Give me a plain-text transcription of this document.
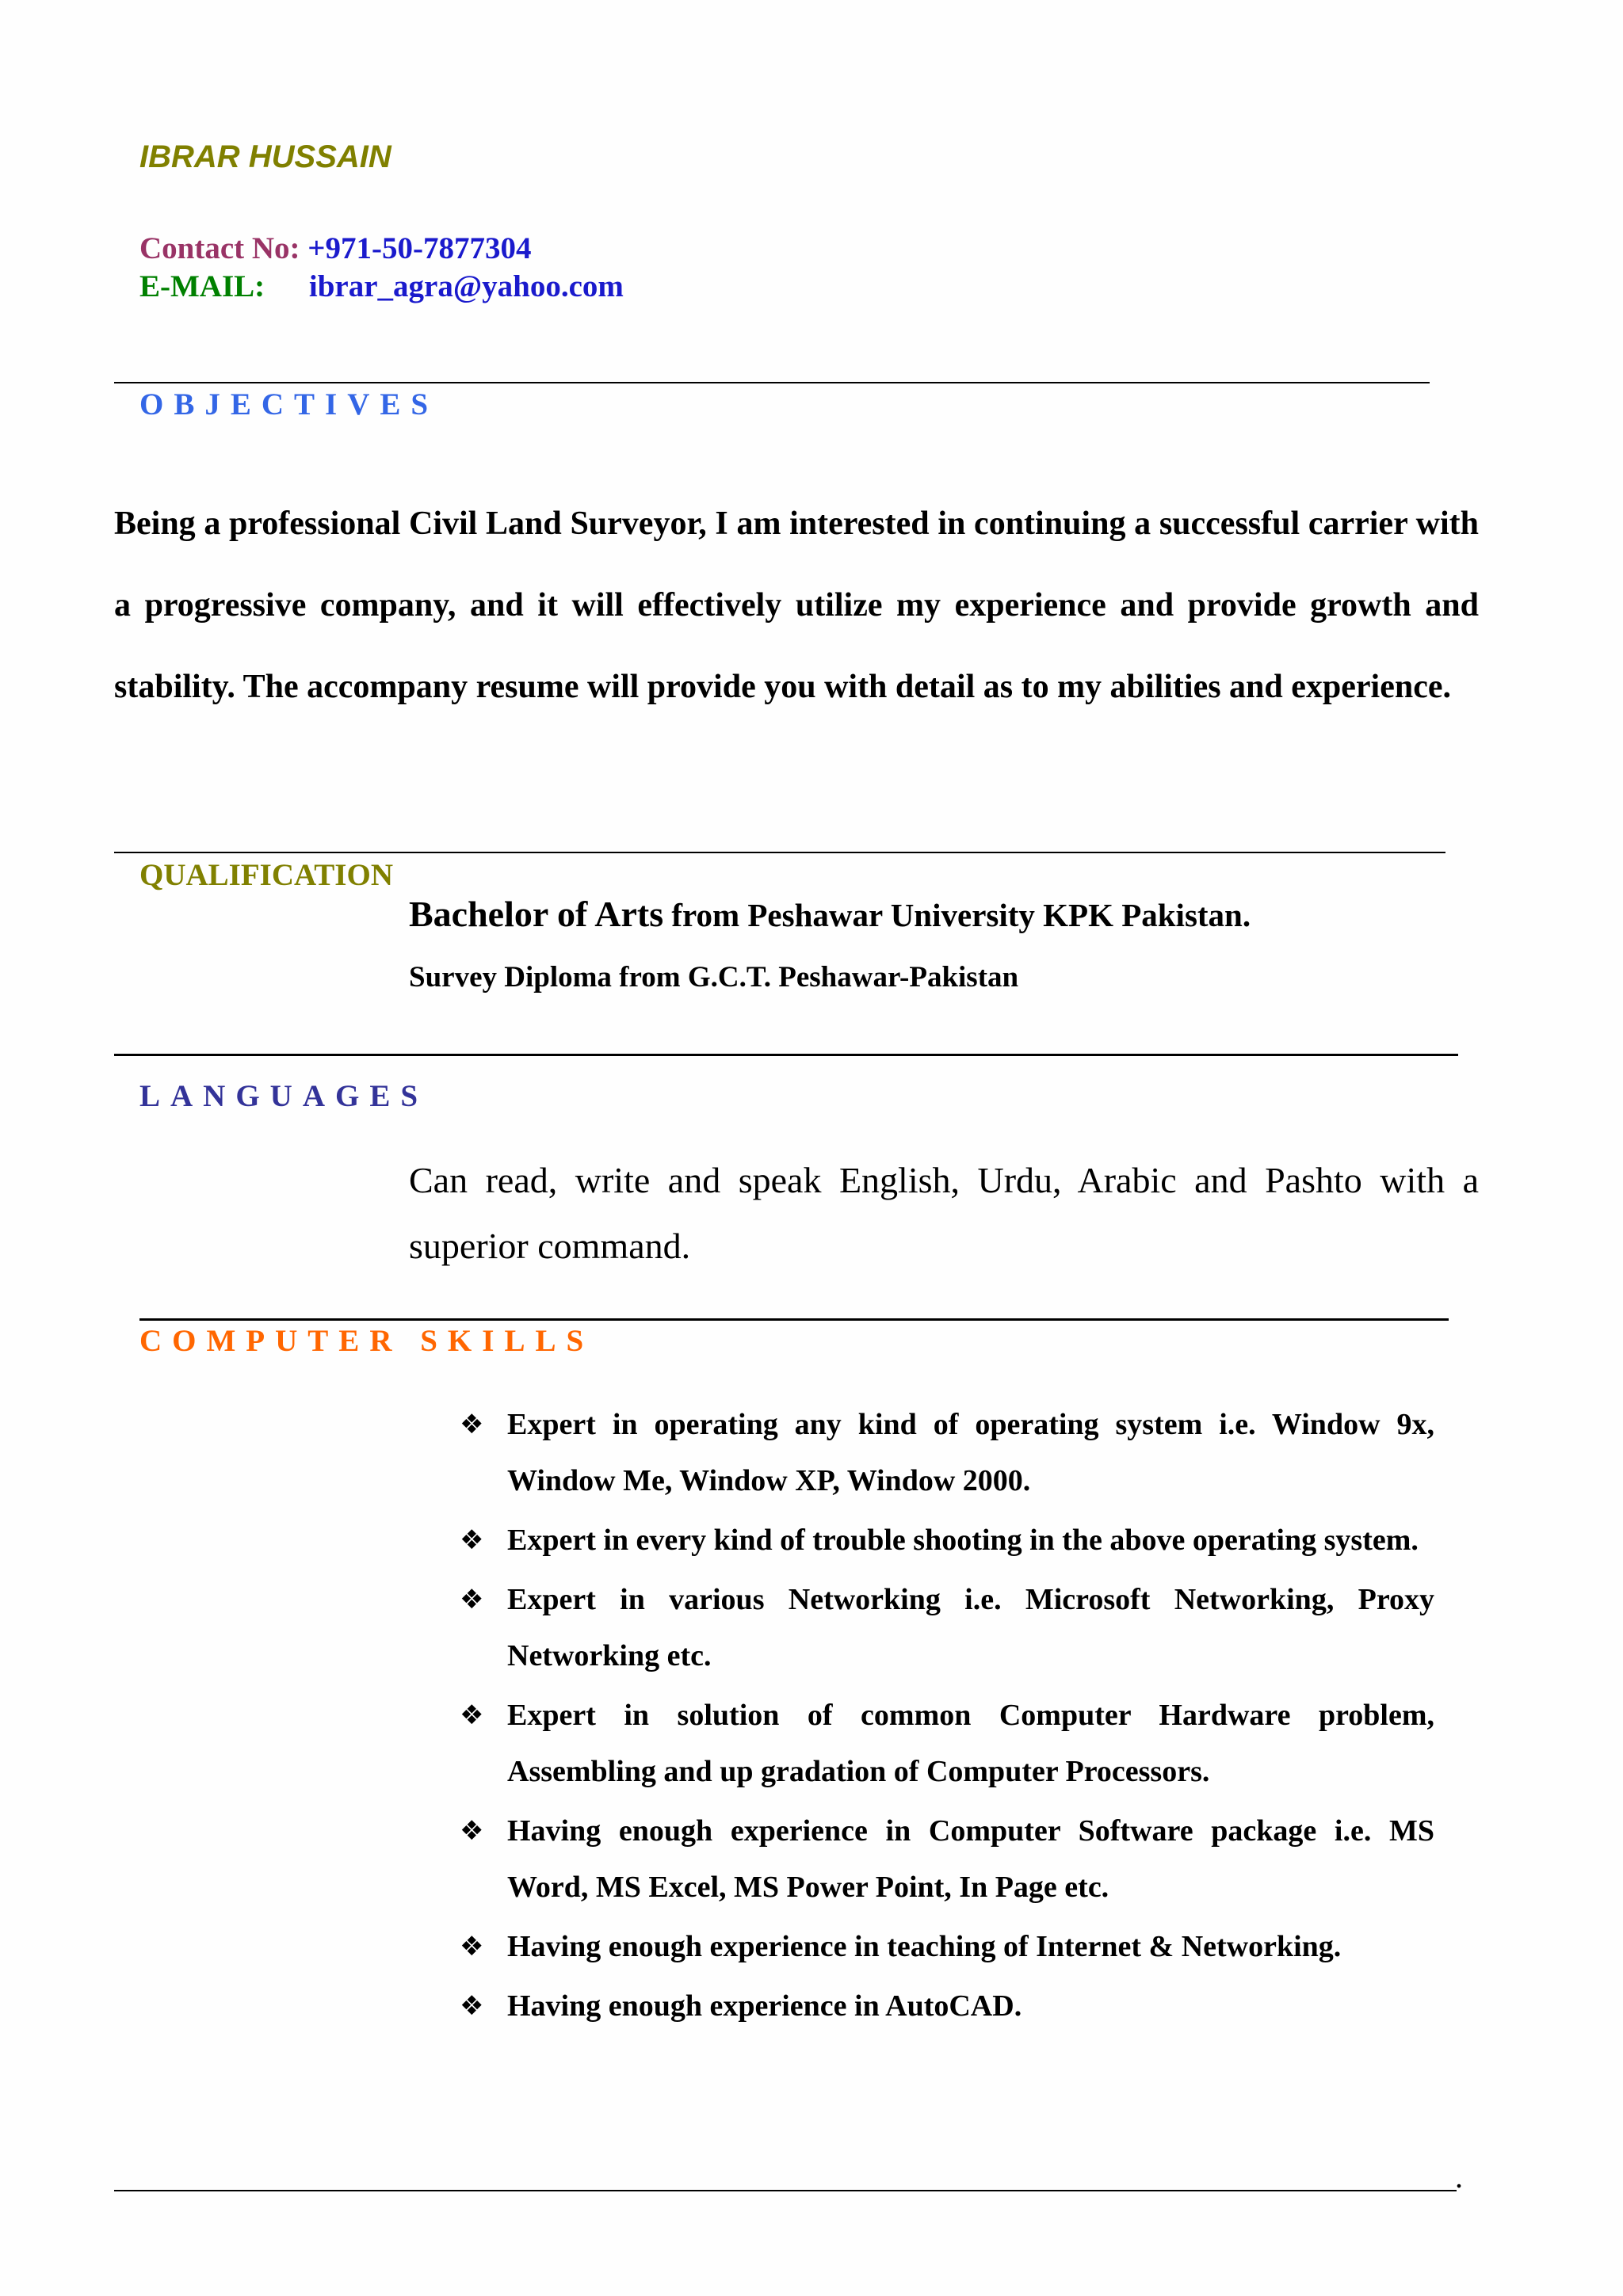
IBRAR HUSSAIN
Contact No: +971-50-7877304
E-MAIL: ibrar_agra@yahoo.com
OBJECTIVES
Being a professional Civil Land Surveyor, I am interested in continuing a successful carrier with a progressive company, and it will effectively utilize my experience and provide growth and stability. The accompany resume will provide you with detail as to my abilities and experience.
QUALIFICATION
Bachelor of Arts from Peshawar University KPK Pakistan.
Survey Diploma from G.C.T. Peshawar-Pakistan
LANGUAGES
Can read, write and speak English, Urdu, Arabic and Pashto with a superior command.
COMPUTER SKILLS
❖ Expert in operating any kind of operating system i.e. Window 9x, Window Me, Window XP, Window 2000.
❖ Expert in every kind of trouble shooting in the above operating system.
❖ Expert in various Networking i.e. Microsoft Networking, Proxy Networking etc.
❖ Expert in solution of common Computer Hardware problem, Assembling and up gradation of Computer Processors.
❖ Having enough experience in Computer Software package i.e. MS Word, MS Excel, MS Power Point, In Page etc.
❖ Having enough experience in teaching of Internet & Networking.
❖ Having enough experience in AutoCAD.
.
